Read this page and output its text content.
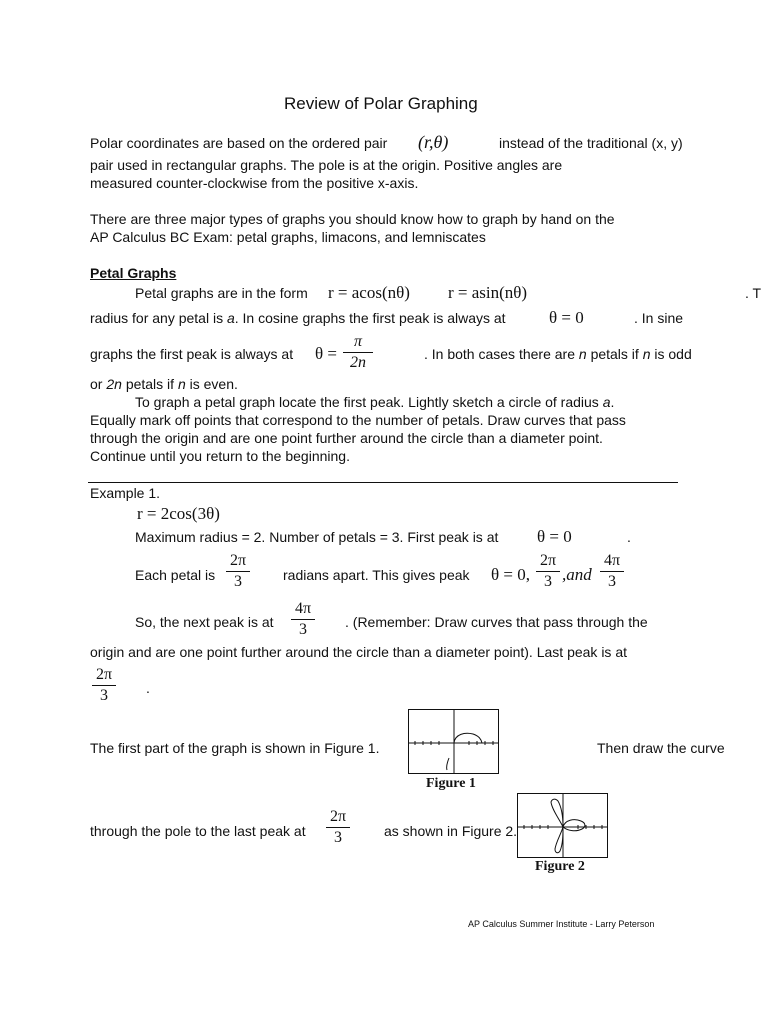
Review of Polar Graphing
Polar coordinates are based on the ordered pair (r,θ)	instead of the traditional (x, y)
pair used in rectangular graphs. The pole is at the origin. Positive angles are
measured counter-clockwise from the positive x-axis.
There are three major types of graphs you should know how to graph by hand on the
AP Calculus BC Exam: petal graphs, limacons, and lemniscates
Petal Graphs
Petal graphs are in the form r = acos(nθ) r = asin(nθ)	. T
radius for any petal is a. In cosine graphs the first peak is always at	θ = 0	. In sine
graphs the first peak is always at θ =
π
2n	. In both cases there are n petals if n is odd
or 2n petals if n is even.
To graph a petal graph locate the first peak. Lightly sketch a circle of radius a.
Equally mark off points that correspond to the number of petals. Draw curves that pass
through the origin and are one point further around the circle than a diameter point.
Continue until you return to the beginning.
Example 1.
r = 2cos(3θ)
Maximum radius = 2. Number of petals = 3. First peak is at θ = 0	.
Each petal is
2π
3	radians apart. This gives peak θ = 0,
2π
3 ,and
4π
3
So, the next peak is at
4π
3	. (Remember: Draw curves that pass through the
origin and are one point further around the circle than a diameter point). Last peak is at
2π
3	.
The first part of the graph is shown in Figure 1.
Figure 1
Then draw the curve
through the pole to the last peak at
2π
3	as shown in Figure 2.
Figure 2
AP Calculus Summer Institute - Larry Peterson
